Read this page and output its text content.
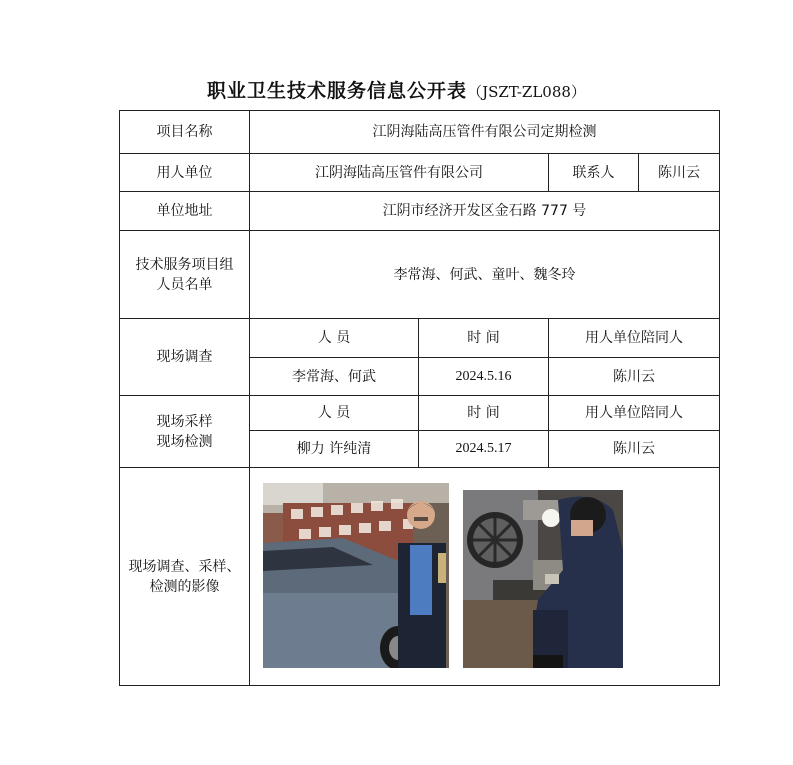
职业卫生技术服务信息公开表（JSZT-ZL088）
项目名称	江阴海陆高压管件有限公司定期检测			
用人单位	江阴海陆高压管件有限公司		联系人	陈川云
单位地址	江阴市经济开发区金石路 777 号			
技术服务项目组人员名单	李常海、何武、童叶、魏冬玲			
现场调查	人 员	时 间	用人单位陪同人	
	李常海、何武	2024.5.16	陈川云	
现场采样
现场检测	人 员	时 间	用人单位陪同人	
	柳力 许纯清	2024.5.17	陈川云	
现场调查、采样、检测的影像				
